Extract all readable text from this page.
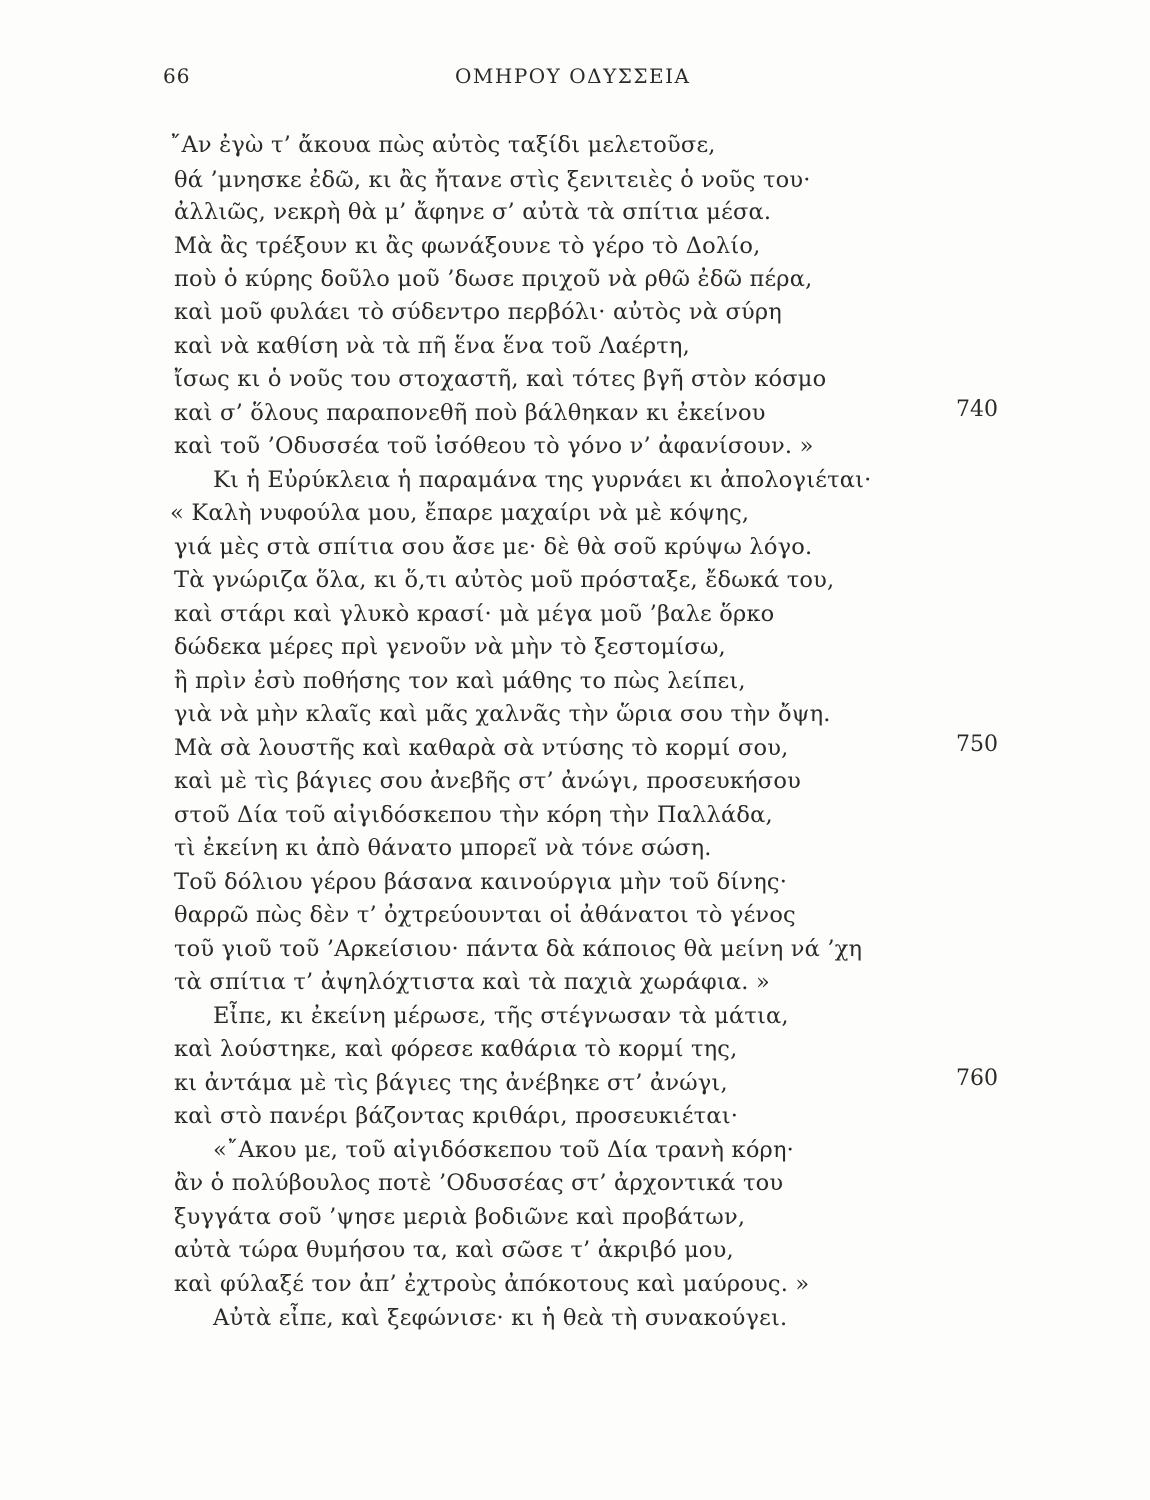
66	ΟΜΗΡΟΥ ΟΔΥΣΣΕΙΑ
῎Αν ἐγὼ τ’ ἄκουα πὼς αὐτὸς ταξίδι μελετοῦσε,
θά ’μνησκε ἐδῶ, κι ἂς ἤτανε στὶς ξενιτειὲς ὁ νοῦς του·
ἀλλιῶς, νεκρὴ θὰ μ’ ἄφηνε σ’ αὐτὰ τὰ σπίτια μέσα.
Μὰ ἂς τρέξουν κι ἂς φωνάξουνε τὸ γέρο τὸ Δολίο,
ποὺ ὁ κύρης δοῦλο μοῦ ’δωσε πριχοῦ νὰ ρθῶ ἐδῶ πέρα,
καὶ μοῦ φυλάει τὸ σύδεντρο περβόλι· αὐτὸς νὰ σύρη
καὶ νὰ καθίση νὰ τὰ πῆ ἕνα ἕνα τοῦ Λαέρτη,
ἴσως κι ὁ νοῦς του στοχαστῆ, καὶ τότες βγῆ στὸν κόσμο
καὶ σ’ ὅλους παραπονεθῆ ποὺ βάλθηκαν κι ἐκείνου
καὶ τοῦ ’Οδυσσέα τοῦ ἰσόθεου τὸ γόνο ν’ ἀφανίσουν. »
Κι ἡ Εὐρύκλεια ἡ παραμάνα της γυρνάει κι ἀπολογιέται·
« Καλὴ νυφούλα μου, ἔπαρε μαχαίρι νὰ μὲ κόψης,
γιά μὲς στὰ σπίτια σου ἄσε με· δὲ θὰ σοῦ κρύψω λόγο.
Τὰ γνώριζα ὅλα, κι ὅ,τι αὐτὸς μοῦ πρόσταξε, ἔδωκά του,
καὶ στάρι καὶ γλυκὸ κρασί· μὰ μέγα μοῦ ’βαλε ὅρκο
δώδεκα μέρες πρὶ γενοῦν νὰ μὴν τὸ ξεστομίσω,
ἢ πρὶν ἐσὺ ποθήσης τον καὶ μάθης το πὼς λείπει,
γιὰ νὰ μὴν κλαῖς καὶ μᾶς χαλνᾶς τὴν ὥρια σου τὴν ὄψη.
Μὰ σὰ λουστῆς καὶ καθαρὰ σὰ ντύσης τὸ κορμί σου,
καὶ μὲ τὶς βάγιες σου ἀνεβῆς στ’ ἀνώγι, προσευκήσου
στοῦ Δία τοῦ αἰγιδόσκεπου τὴν κόρη τὴν Παλλάδα,
τὶ ἐκείνη κι ἀπὸ θάνατο μπορεῖ νὰ τόνε σώση.
Τοῦ δόλιου γέρου βάσανα καινούργια μὴν τοῦ δίνης·
θαρρῶ πὼς δὲν τ’ ὀχτρεύουνται οἱ ἀθάνατοι τὸ γένος
τοῦ γιοῦ τοῦ ’Αρκείσιου· πάντα δὰ κάποιος θὰ μείνη νά ’χη
τὰ σπίτια τ’ ἀψηλόχτιστα καὶ τὰ παχιὰ χωράφια. »
Εἶπε, κι ἐκείνη μέρωσε, τῆς στέγνωσαν τὰ μάτια,
καὶ λούστηκε, καὶ φόρεσε καθάρια τὸ κορμί της,
κι ἀντάμα μὲ τὶς βάγιες της ἀνέβηκε στ’ ἀνώγι,
καὶ στὸ πανέρι βάζοντας κριθάρι, προσευκιέται·
«῎Ακου με, τοῦ αἰγιδόσκεπου τοῦ Δία τρανὴ κόρη·
ἂν ὁ πολύβουλος ποτὲ ’Οδυσσέας στ’ ἀρχοντικά του
ξυγγάτα σοῦ ’ψησε μεριὰ βοδιῶνε καὶ προβάτων,
αὐτὰ τώρα θυμήσου τα, καὶ σῶσε τ’ ἀκριβό μου,
καὶ φύλαξέ τον ἀπ’ ἐχτροὺς ἀπόκοτους καὶ μαύρους. »
Αὐτὰ εἶπε, καὶ ξεφώνισε· κι ἡ θεὰ τὴ συνακούγει.
740
750
760
